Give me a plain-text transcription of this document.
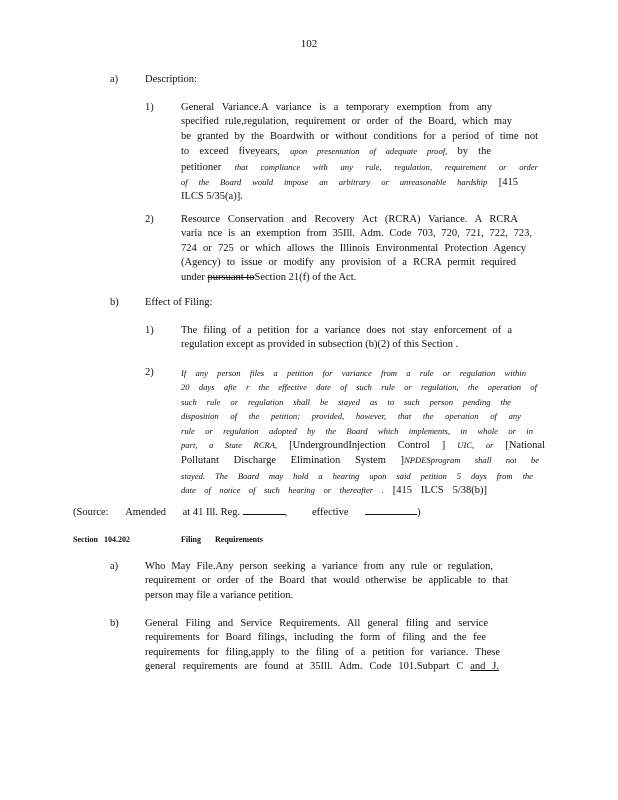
102
a)	Description:
1)	General Variance.A variance is a temporary exemption from any
specified rule,regulation, requirement or order of the Board, which may
be granted by the Boardwith or without conditions for a period of time not
to exceed fiveyears, upon presentation of adequate proof, by the
petitioner that compliance with any rule, regulation, requirement or order
of the Board would impose an arbitrary or unreasonable hardship [415
ILCS 5/35(a)].
2)	Resource Conservation and Recovery Act (RCRA) Variance. A RCRA
varia nce is an exemption from 35Ill. Adm. Code 703, 720, 721, 722, 723,
724 or 725 or which allows the Illinois Environmental Protection Agency
(Agency) to issue or modify any provision of a RCRA permit required
under pursuant toSection 21(f) of the Act.
b)	Effect of Filing:
1)	The filing of a petition for a variance does not stay enforcement of a
regulation except as provided in subsection (b)(2) of this Section .
2)	If any person files a petition for variance from a rule or regulation within
20 days afte r the effective date of such rule or regulation, the operation of
such rule or regulation shall be stayed as to such person pending the
disposition of the petition; provided, however, that the operation of any
rule or regulation adopted by the Board which implements, in whole or in
part, a State RCRA, [UndergroundInjection Control ] UIC, or [National
Pollutant Discharge Elimination System ]NPDESprogram shall not be
stayed. The Board may hold a hearing upon said petition 5 days from the
date of notice of such hearing or thereafter . [415 ILCS 5/38(b)]
(Source: Amended at 41 Ill. Reg.	, effective	)
Section 104.202	Filing Requirements
a)	Who May File.Any person seeking a variance from any rule or regulation,
requirement or order of the Board that would otherwise be applicable to that
person may file a variance petition.
b)	General Filing and Service Requirements. All general filing and service
requirements for Board filings, including the form of filing and the fee
requirements for filing,apply to the filing of a petition for variance. These
general requirements are found at 35Ill. Adm. Code 101.Subpart C and J.
